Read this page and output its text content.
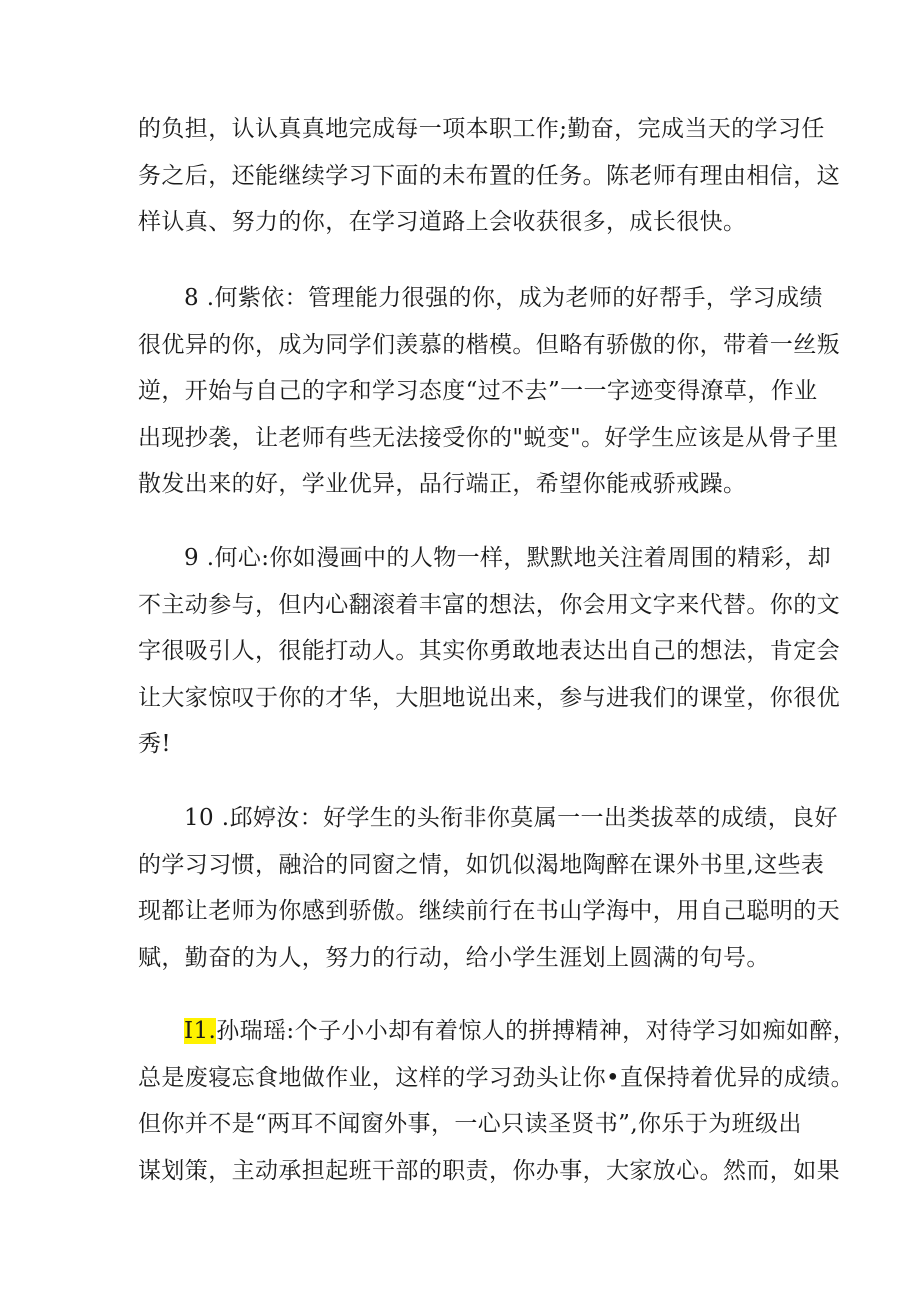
的负担，认认真真地完成每一项本职工作;勤奋，完成当天的学习任
务之后，还能继续学习下面的未布置的任务。陈老师有理由相信，这
样认真、努力的你，在学习道路上会收获很多，成长很快。

8 .何紫依：管理能力很强的你，成为老师的好帮手，学习成绩
很优异的你，成为同学们羡慕的楷模。但略有骄傲的你，带着一丝叛
逆，开始与自己的字和学习态度“过不去”一一字迹变得潦草，作业
出现抄袭，让老师有些无法接受你的"蜕变"。好学生应该是从骨子里
散发出来的好，学业优异，品行端正，希望你能戒骄戒躁。

9 .何心:你如漫画中的人物一样，默默地关注着周围的精彩，却
不主动参与，但内心翻滚着丰富的想法，你会用文字来代替。你的文
字很吸引人，很能打动人。其实你勇敢地表达出自己的想法，肯定会
让大家惊叹于你的才华，大胆地说出来，参与进我们的课堂，你很优
秀!

10 .邱婷汝：好学生的头衔非你莫属一一出类拔萃的成绩，良好
的学习习惯，融洽的同窗之情，如饥似渴地陶醉在课外书里,这些表
现都让老师为你感到骄傲。继续前行在书山学海中，用自己聪明的天
赋，勤奋的为人，努力的行动，给小学生涯划上圆满的句号。

I1.孙瑞瑶:个子小小却有着惊人的拼搏精神，对待学习如痴如醉，
总是废寝忘食地做作业，这样的学习劲头让你•直保持着优异的成绩。
但你并不是“两耳不闻窗外事，一心只读圣贤书”,你乐于为班级出
谋划策，主动承担起班干部的职责，你办事，大家放心。然而，如果
